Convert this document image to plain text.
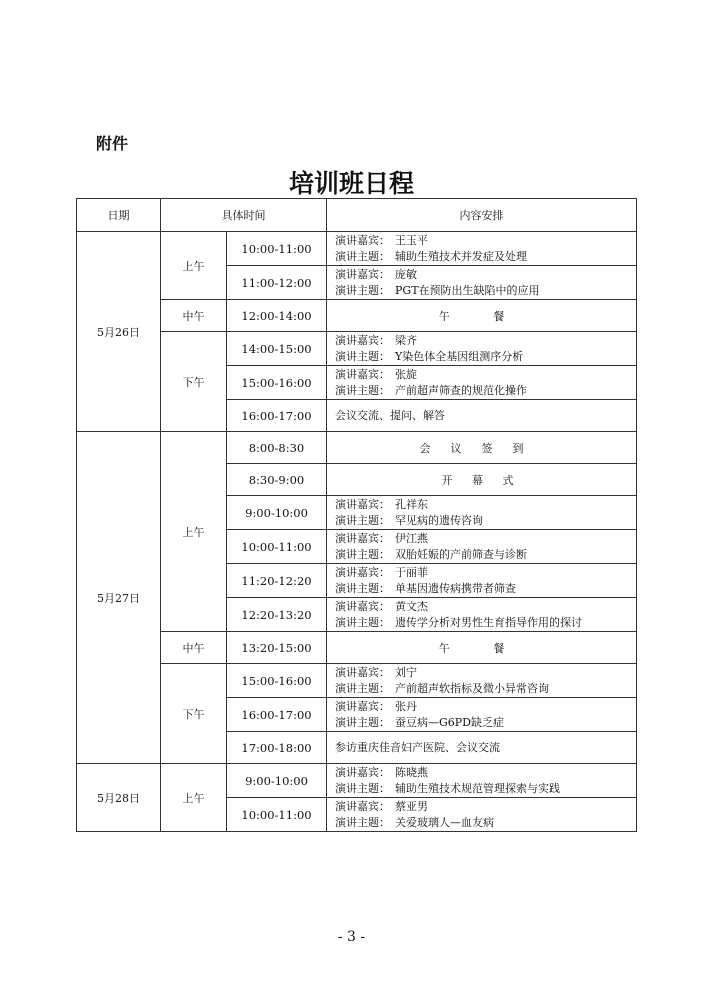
附件
培训班日程
日期	具体时间		内容安排
5月26日	上午	10:00-11:00	演讲嘉宾： 王玉平
演讲主题： 辅助生殖技术并发症及处理

		11:00-12:00	演讲嘉宾： 庞敏
演讲主题： PGT在预防出生缺陷中的应用

	中午	12:00-14:00	午 餐
	下午	14:00-15:00	演讲嘉宾： 梁齐
演讲主题： Y染色体全基因组测序分析

		15:00-16:00	演讲嘉宾： 张旋
演讲主题： 产前超声筛查的规范化操作

		16:00-17:00	会议交流、提问、解答
5月27日	上午	8:00-8:30	会议签到
		8:30-9:00	开 幕 式
		9:00-10:00	演讲嘉宾： 孔祥东
演讲主题： 罕见病的遗传咨询

		10:00-11:00	演讲嘉宾： 伊江燕
演讲主题： 双胎妊娠的产前筛查与诊断

		11:20-12:20	演讲嘉宾： 于丽菲
演讲主题： 单基因遗传病携带者筛查

		12:20-13:20	演讲嘉宾： 黄文杰
演讲主题： 遗传学分析对男性生育指导作用的探讨

	中午	13:20-15:00	午 餐
	下午	15:00-16:00	演讲嘉宾： 刘宁
演讲主题： 产前超声软指标及微小异常咨询

		16:00-17:00	演讲嘉宾： 张丹
演讲主题： 蚕豆病—G6PD缺乏症

		17:00-18:00	参访重庆佳音妇产医院、会议交流
5月28日	上午	9:00-10:00	演讲嘉宾： 陈晓燕
演讲主题： 辅助生殖技术规范管理探索与实践

		10:00-11:00	演讲嘉宾： 蔡亚男
演讲主题： 关爱玻璃人—血友病
- 3 -
